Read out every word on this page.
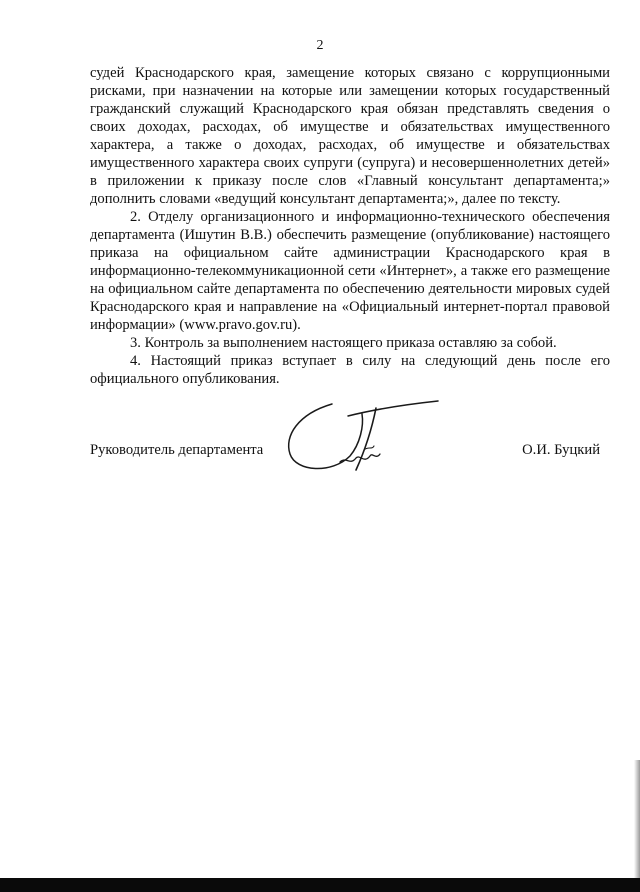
2

судей Краснодарского края, замещение которых связано с коррупционными рисками, при назначении на которые или замещении которых государственный гражданский служащий Краснодарского края обязан представлять сведения о своих доходах, расходах, об имуществе и обязательствах имущественного характера, а также о доходах, расходах, об имуществе и обязательствах имущественного характера своих супруги (супруга) и несовершеннолетних детей» в приложении к приказу после слов «Главный консультант департамента;» дополнить словами «ведущий консультант департамента;», далее по тексту.

2. Отделу организационного и информационно-технического обеспечения департамента (Ишутин В.В.) обеспечить размещение (опубликование) настоящего приказа на официальном сайте администрации Краснодарского края в информационно-телекоммуникационной сети «Интернет», а также его размещение на официальном сайте департамента по обеспечению деятельности мировых судей Краснодарского края и направление на «Официальный интернет-портал правовой информации» (www.pravo.gov.ru).

3. Контроль за выполнением настоящего приказа оставляю за собой.

4. Настоящий приказ вступает в силу на следующий день после его официального опубликования.

Руководитель департамента	О.И. Буцкий
